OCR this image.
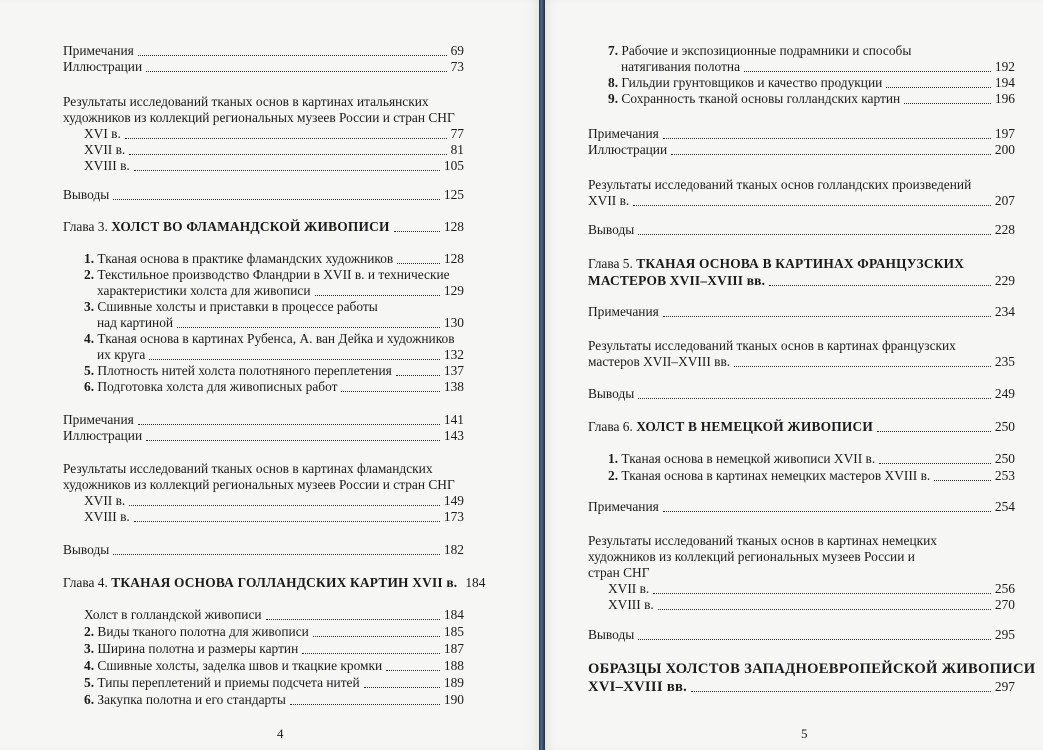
Примечания	69
Иллюстрации	73
Результаты исследований тканых основ в картинах итальянских
художников из коллекций региональных музеев России и стран СНГ
XVI в.	77
XVII в.	81
XVIII в.	105
Выводы	125
Глава 3. ХОЛСТ ВО ФЛАМАНДСКОЙ ЖИВОПИСИ	128
1. Тканая основа в практике фламандских художников	128
2. Текстильное производство Фландрии в XVII в. и технические
характеристики холста для живописи	129
3. Сшивные холсты и приставки в процессе работы
над картиной	130
4. Тканая основа в картинах Рубенса, А. ван Дейка и художников
их круга	132
5. Плотность нитей холста полотняного переплетения	137
6. Подготовка холста для живописных работ	138
Примечания	141
Иллюстрации	143
Результаты исследований тканых основ в картинах фламандских
художников из коллекций региональных музеев России и стран СНГ
XVII в.	149
XVIII в.	173
Выводы	182
Глава 4. ТКАНАЯ ОСНОВА ГОЛЛАНДСКИХ КАРТИН XVII в. 184
Холст в голландской живописи	184
2. Виды тканого полотна для живописи	185
3. Ширина полотна и размеры картин	187
4. Сшивные холсты, заделка швов и ткацкие кромки	188
5. Типы переплетений и приемы подсчета нитей	189
6. Закупка полотна и его стандарты	190
4
7. Рабочие и экспозиционные подрамники и способы
натягивания полотна	192
8. Гильдии грунтовщиков и качество продукции	194
9. Сохранность тканой основы голландских картин	196
Примечания	197
Иллюстрации	200
Результаты исследований тканых основ голландских произведений
XVII в.	207
Выводы	228
Глава 5. ТКАНАЯ ОСНОВА В КАРТИНАХ ФРАНЦУЗСКИХ
МАСТЕРОВ XVII–XVIII вв.	229
Примечания	234
Результаты исследований тканых основ в картинах французских
мастеров XVII–XVIII вв.	235
Выводы	249
Глава 6. ХОЛСТ В НЕМЕЦКОЙ ЖИВОПИСИ	250
1. Тканая основа в немецкой живописи XVII в.	250
2. Тканая основа в картинах немецких мастеров XVIII в.	253
Примечания	254
Результаты исследований тканых основ в картинах немецких
художников из коллекций региональных музеев России и
стран СНГ
XVII в.	256
XVIII в.	270
Выводы	295
ОБРАЗЦЫ ХОЛСТОВ ЗАПАДНОЕВРОПЕЙСКОЙ ЖИВОПИСИ
XVI–XVIII вв.	297
5
